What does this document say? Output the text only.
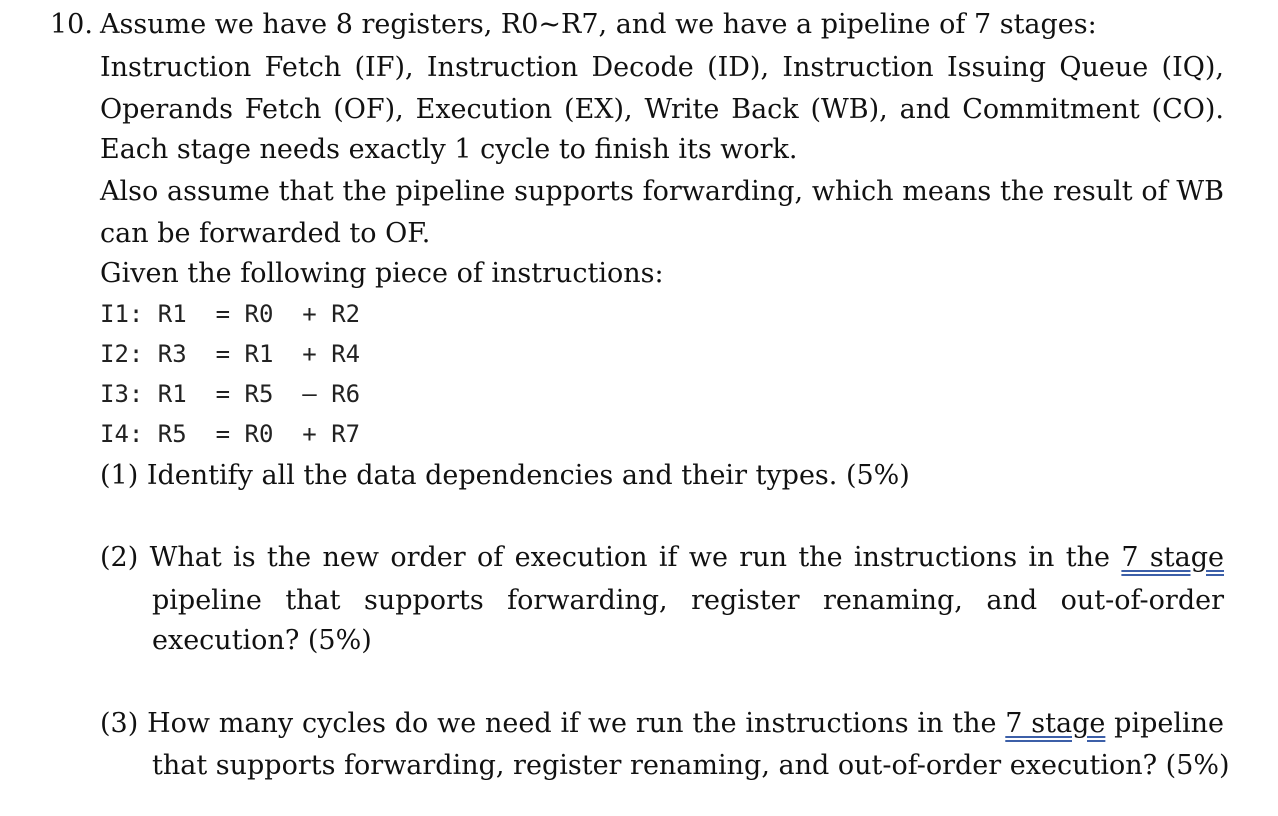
10. Assume we have 8 registers, R0~R7, and we have a pipeline of 7 stages:
Instruction Fetch (IF), Instruction Decode (ID), Instruction Issuing Queue (IQ),
Operands Fetch (OF), Execution (EX), Write Back (WB), and Commitment (CO).
Each stage needs exactly 1 cycle to finish its work.
Also assume that the pipeline supports forwarding, which means the result of WB
can be forwarded to OF.
Given the following piece of instructions:
I1: R1  = R0  + R2
I2: R3  = R1  + R4
I3: R1  = R5  – R6
I4: R5  = R0  + R7
(1) Identify all the data dependencies and their types. (5%)
(2) What is the new order of execution if we run the instructions in the 7 stage
pipeline that supports forwarding, register renaming, and out-of-order
execution? (5%)
(3) How many cycles do we need if we run the instructions in the 7 stage pipeline
that supports forwarding, register renaming, and out-of-order execution? (5%)
